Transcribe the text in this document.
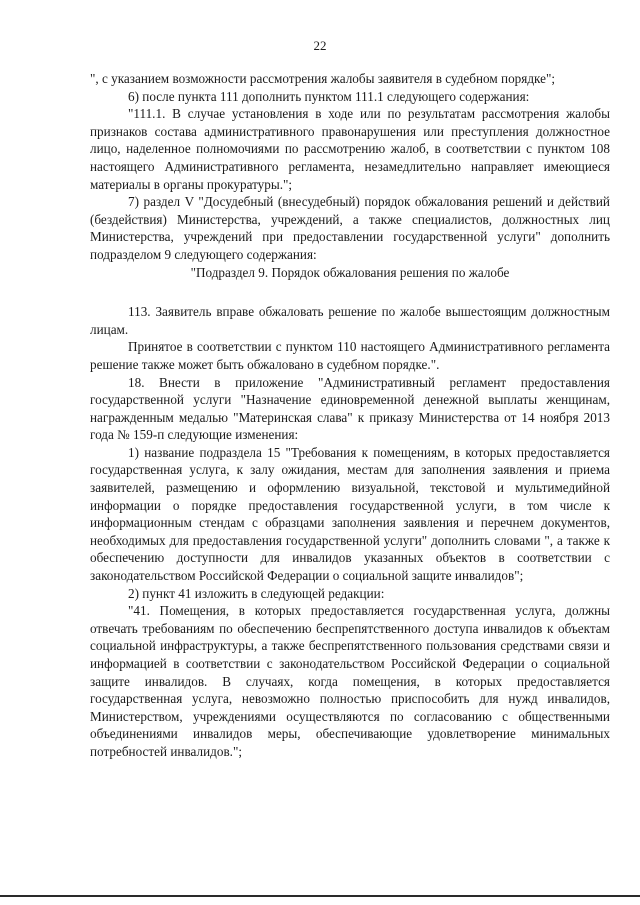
22

", с указанием возможности рассмотрения жалобы заявителя в судебном порядке";

6) после пункта 111 дополнить пунктом 111.1 следующего содержания:

"111.1. В случае установления в ходе или по результатам рассмотрения жалобы признаков состава административного правонарушения или преступления должностное лицо, наделенное полномочиями по рассмотрению жалоб, в соответствии с пунктом 108 настоящего Административного регламента, незамедлительно направляет имеющиеся материалы в органы прокуратуры.";

7) раздел V "Досудебный (внесудебный) порядок обжалования решений и действий (бездействия) Министерства, учреждений, а также специалистов, должностных лиц Министерства, учреждений при предоставлении государственной услуги" дополнить подразделом 9 следующего содержания:

"Подраздел 9. Порядок обжалования решения по жалобе

113. Заявитель вправе обжаловать решение по жалобе вышестоящим должностным лицам.

Принятое в соответствии с пунктом 110 настоящего Административного регламента решение также может быть обжаловано в судебном порядке.".

18. Внести в приложение "Административный регламент предоставления государственной услуги "Назначение единовременной денежной выплаты женщинам, награжденным медалью "Материнская слава" к приказу Министерства от 14 ноября 2013 года № 159-п следующие изменения:

1) название подраздела 15 "Требования к помещениям, в которых предоставляется государственная услуга, к залу ожидания, местам для заполнения заявления и приема заявителей, размещению и оформлению визуальной, текстовой и мультимедийной информации о порядке предоставления государственной услуги, в том числе к информационным стендам с образцами заполнения заявления и перечнем документов, необходимых для предоставления государственной услуги" дополнить словами ", а также к обеспечению доступности для инвалидов указанных объектов в соответствии с законодательством Российской Федерации о социальной защите инвалидов";

2) пункт 41 изложить в следующей редакции:

"41. Помещения, в которых предоставляется государственная услуга, должны отвечать требованиям по обеспечению беспрепятственного доступа инвалидов к объектам социальной инфраструктуры, а также беспрепятственного пользования средствами связи и информацией в соответствии с законодательством Российской Федерации о социальной защите инвалидов. В случаях, когда помещения, в которых предоставляется государственная услуга, невозможно полностью приспособить для нужд инвалидов, Министерством, учреждениями осуществляются по согласованию с общественными объединениями инвалидов меры, обеспечивающие удовлетворение минимальных потребностей инвалидов.";
